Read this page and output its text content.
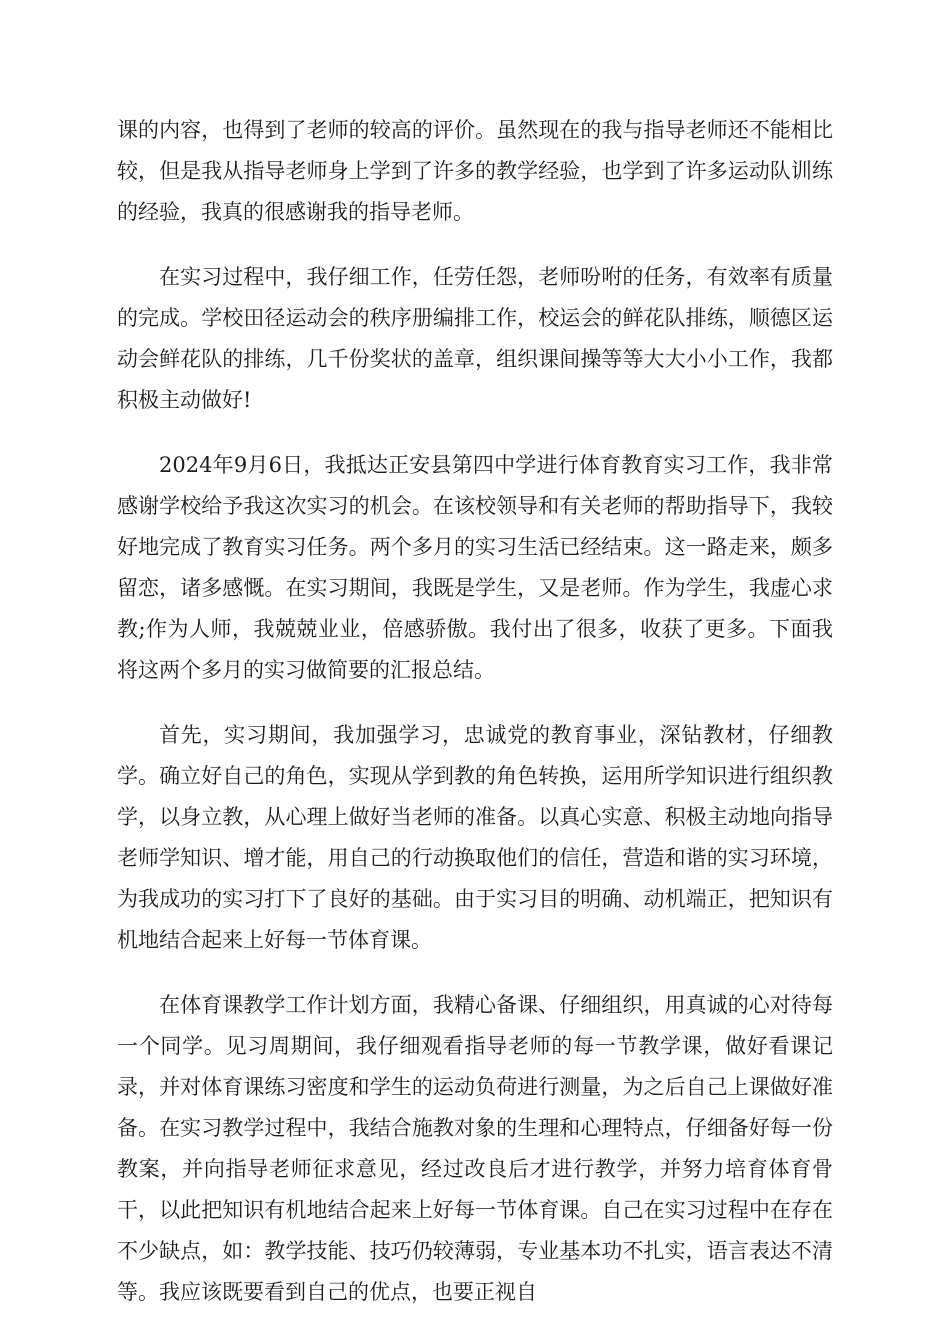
课的内容，也得到了老师的较高的评价。虽然现在的我与指导老师还不能相比较，但是我从指导老师身上学到了许多的教学经验，也学到了许多运动队训练的经验，我真的很感谢我的指导老师。

在实习过程中，我仔细工作，任劳任怨，老师吩咐的任务，有效率有质量的完成。学校田径运动会的秩序册编排工作，校运会的鲜花队排练，顺德区运动会鲜花队的排练，几千份奖状的盖章，组织课间操等等大大小小工作，我都积极主动做好!

2024年9月6日，我抵达正安县第四中学进行体育教育实习工作，我非常感谢学校给予我这次实习的机会。在该校领导和有关老师的帮助指导下，我较好地完成了教育实习任务。两个多月的实习生活已经结束。这一路走来，颇多留恋，诸多感慨。在实习期间，我既是学生，又是老师。作为学生，我虚心求教;作为人师，我兢兢业业，倍感骄傲。我付出了很多，收获了更多。下面我将这两个多月的实习做简要的汇报总结。

首先，实习期间，我加强学习，忠诚党的教育事业，深钻教材，仔细教学。确立好自己的角色，实现从学到教的角色转换，运用所学知识进行组织教学，以身立教，从心理上做好当老师的准备。以真心实意、积极主动地向指导老师学知识、增才能，用自己的行动换取他们的信任，营造和谐的实习环境，为我成功的实习打下了良好的基础。由于实习目的明确、动机端正，把知识有机地结合起来上好每一节体育课。

在体育课教学工作计划方面，我精心备课、仔细组织，用真诚的心对待每一个同学。见习周期间，我仔细观看指导老师的每一节教学课，做好看课记录，并对体育课练习密度和学生的运动负荷进行测量，为之后自己上课做好准备。在实习教学过程中，我结合施教对象的生理和心理特点，仔细备好每一份教案，并向指导老师征求意见，经过改良后才进行教学，并努力培育体育骨干，以此把知识有机地结合起来上好每一节体育课。自己在实习过程中在存在不少缺点，如：教学技能、技巧仍较薄弱，专业基本功不扎实，语言表达不清等。我应该既要看到自己的优点，也要正视自
